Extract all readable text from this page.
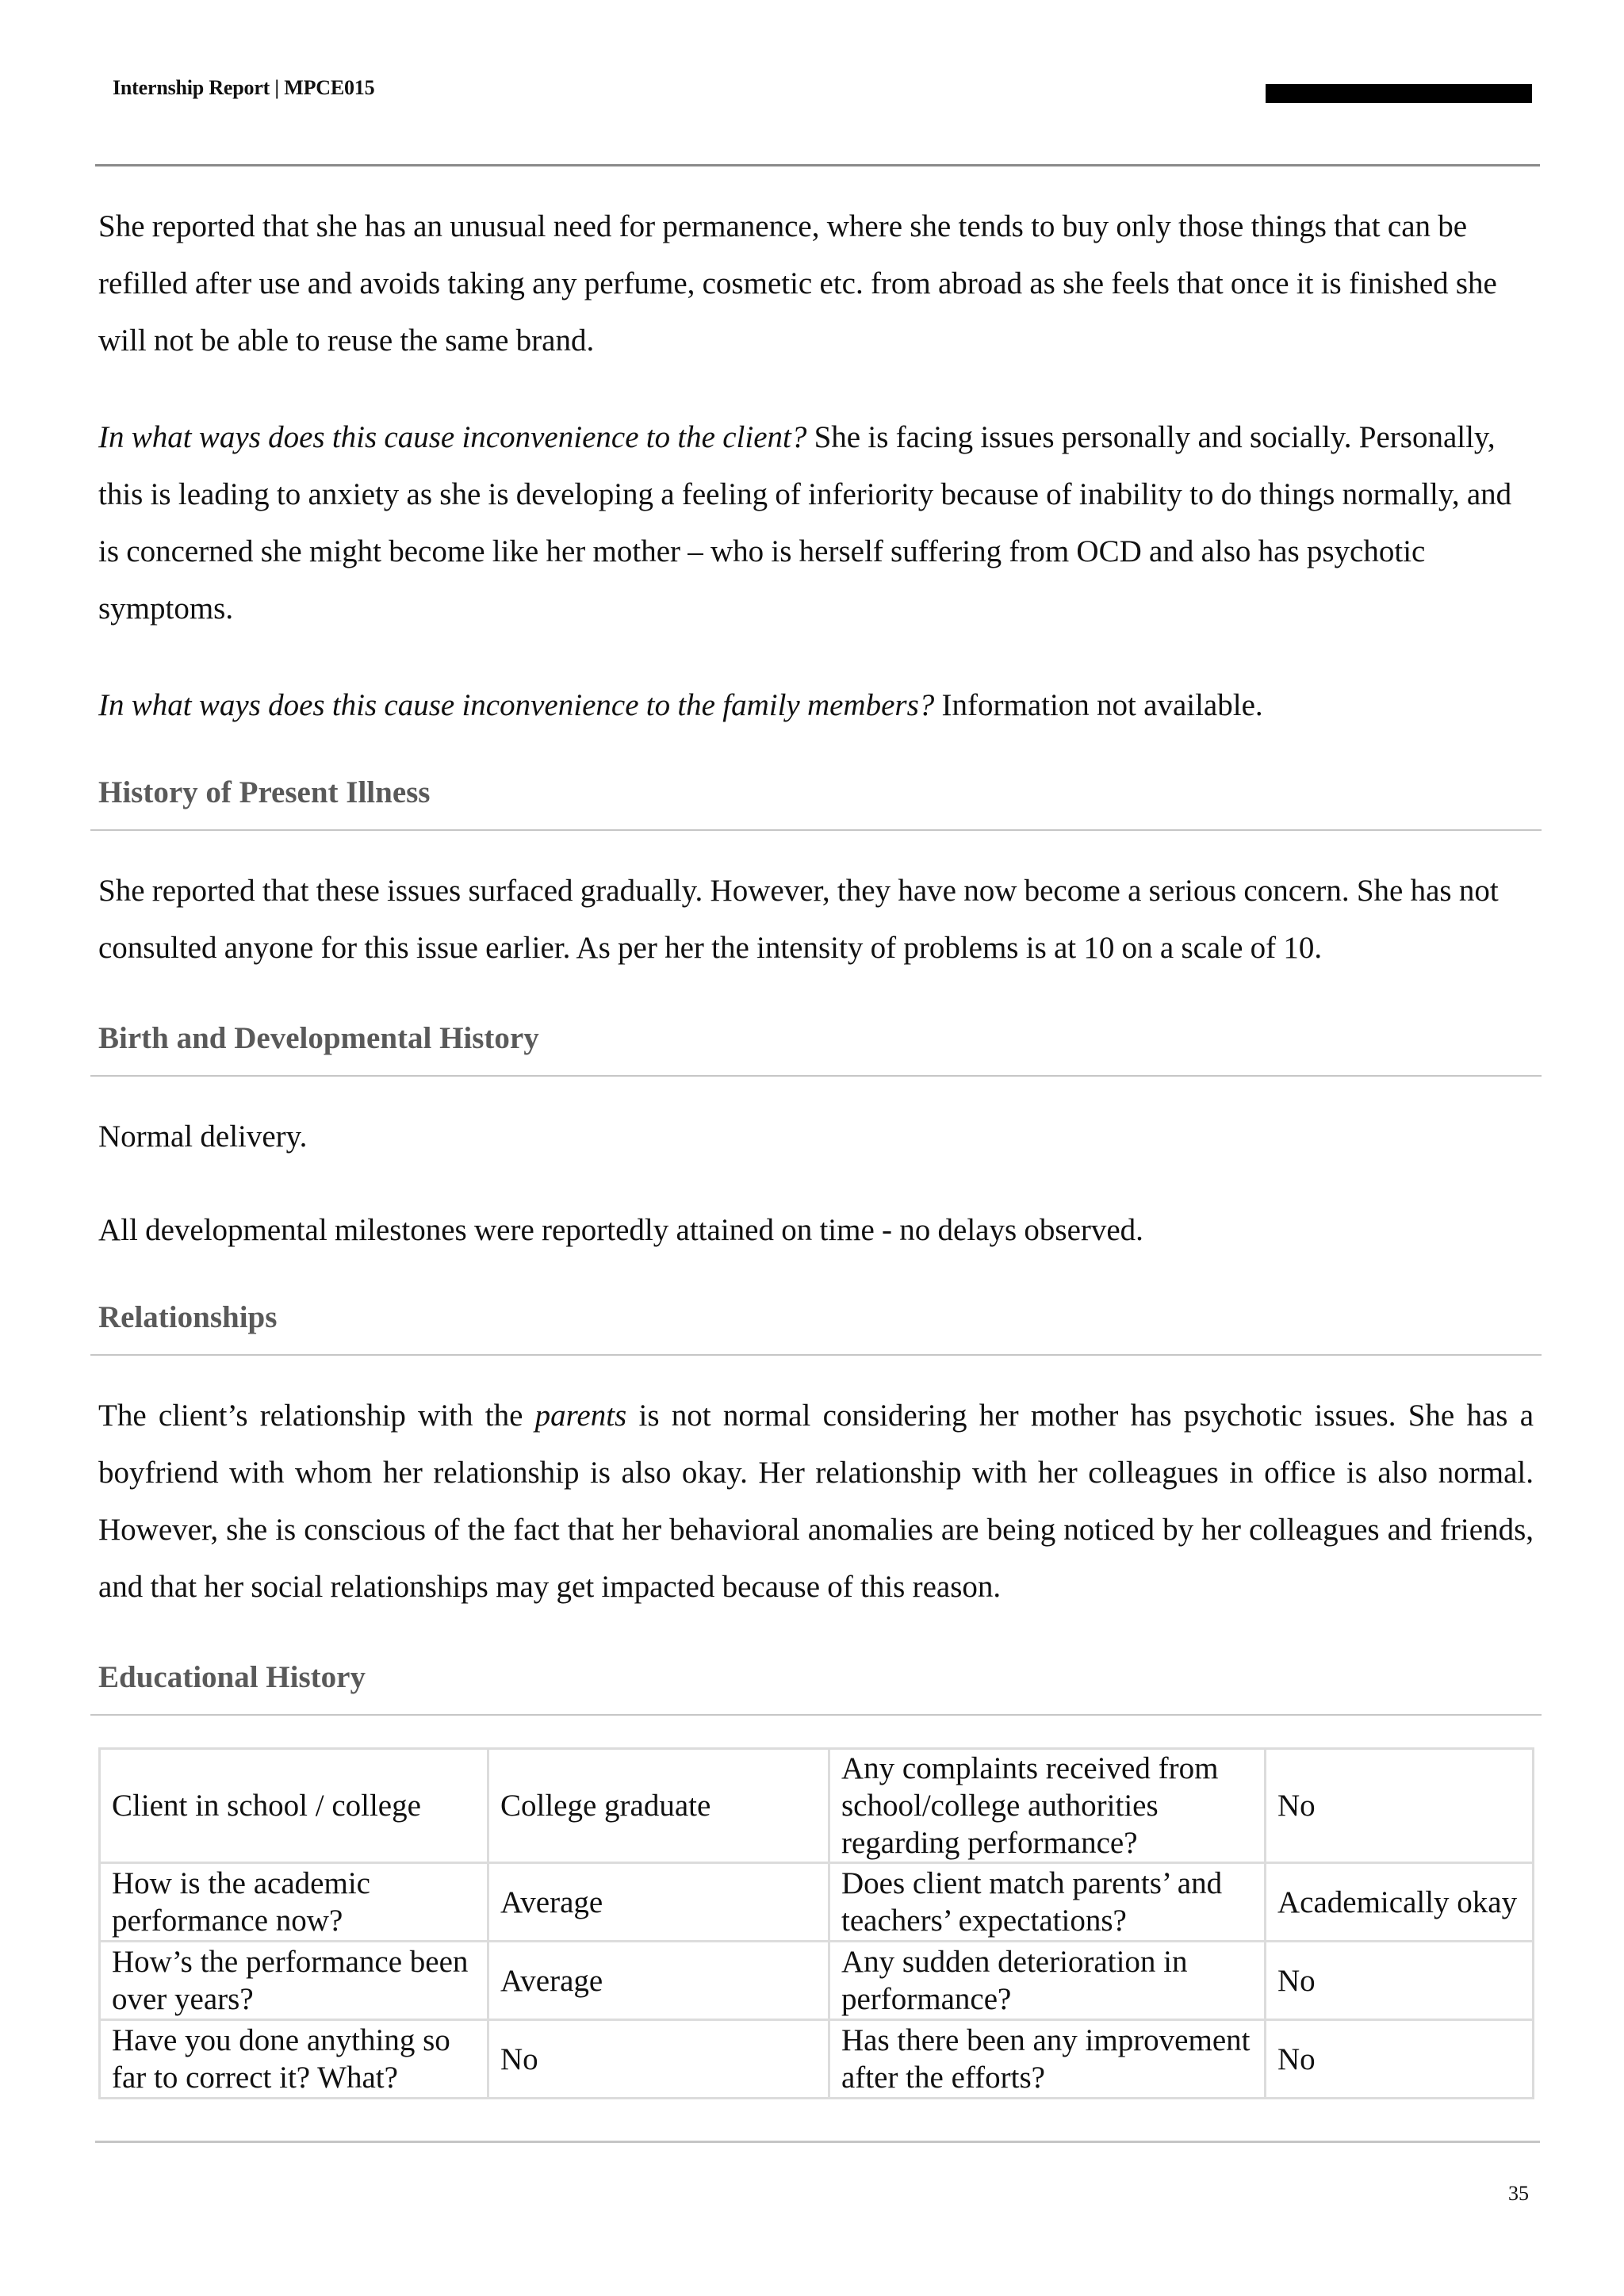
Internship Report | MPCE015

She reported that she has an unusual need for permanence, where she tends to buy only those things that can be refilled after use and avoids taking any perfume, cosmetic etc. from abroad as she feels that once it is finished she will not be able to reuse the same brand.

In what ways does this cause inconvenience to the client? She is facing issues personally and socially. Personally, this is leading to anxiety as she is developing a feeling of inferiority because of inability to do things normally, and is concerned she might become like her mother – who is herself suffering from OCD and also has psychotic symptoms.

In what ways does this cause inconvenience to the family members? Information not available.

History of Present Illness

She reported that these issues surfaced gradually. However, they have now become a serious concern. She has not consulted anyone for this issue earlier. As per her the intensity of problems is at 10 on a scale of 10.

Birth and Developmental History

Normal delivery.

All developmental milestones were reportedly attained on time - no delays observed.

Relationships

The client’s relationship with the parents is not normal considering her mother has psychotic issues. She has a boyfriend with whom her relationship is also okay. Her relationship with her colleagues in office is also normal. However, she is conscious of the fact that her behavioral anomalies are being noticed by her colleagues and friends, and that her social relationships may get impacted because of this reason.

Educational History
Client in school / college	College graduate	Any complaints received from school/college authorities regarding performance?	No
How is the academic performance now?	Average	Does client match parents’ and teachers’ expectations?	Academically okay
How’s the performance been over years?	Average	Any sudden deterioration in performance?	No
Have you done anything so far to correct it? What?	No	Has there been any improvement after the efforts?	No
35
